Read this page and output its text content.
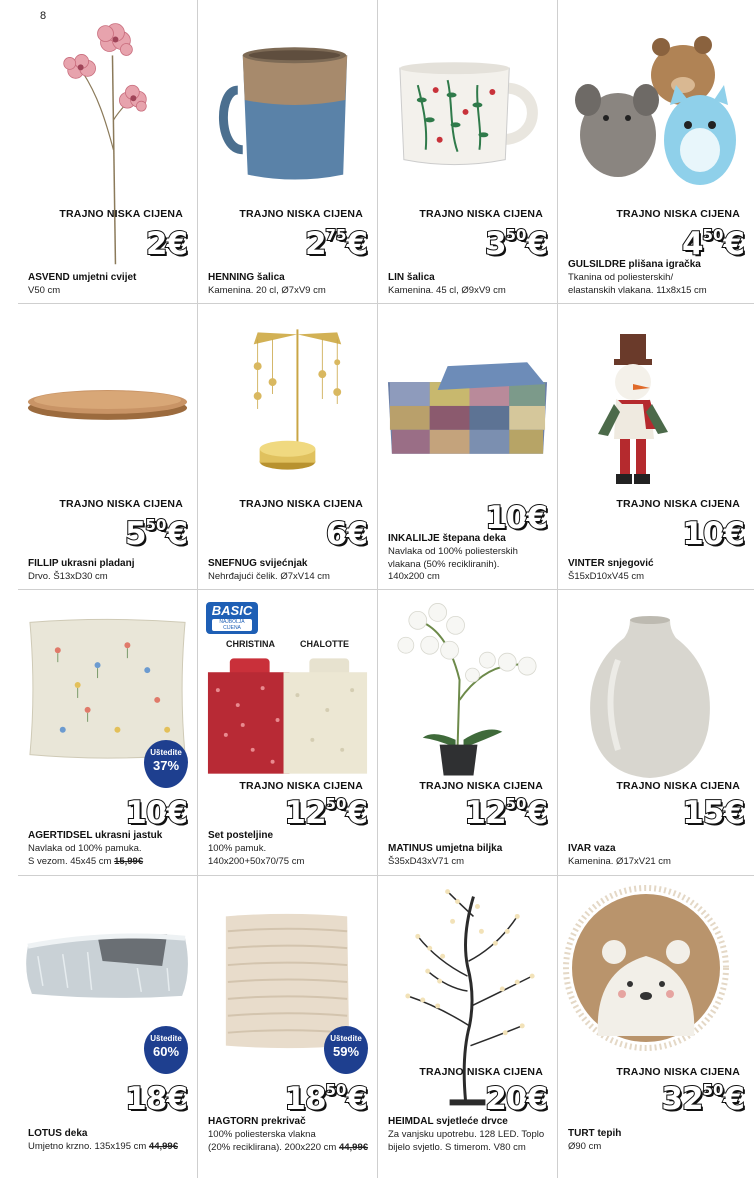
8
TRAJNO NISKA CIJENA
2€
ASVEND umjetni cvijet
V50 cm
TRAJNO NISKA CIJENA
$2^{75}€$
HENNING šalica
Kamenina. 20 cl, Ø7xV9 cm
TRAJNO NISKA CIJENA
$3^{50}€$
LIN šalica
Kamenina. 45 cl, Ø9xV9 cm
TRAJNO NISKA CIJENA
$4^{50}€$
GULSILDRE plišana igračka
Tkanina od poliesterskih/
elastanskih vlakana. 11x8x15 cm
TRAJNO NISKA CIJENA
$5^{50}€$
FILLIP ukrasni pladanj
Drvo. Š13xD30 cm
TRAJNO NISKA CIJENA
6€
SNEFNUG svijećnjak
Nehrđajući čelik. Ø7xV14 cm
10€
INKALILJE štepana deka
Navlaka od 100% poliesterskih
vlakana (50% recikliranih).
140x200 cm
TRAJNO NISKA CIJENA
10€
VINTER snjegović
Š15xD10xV45 cm
Uštedite
37%
10€
AGERTIDSEL ukrasni jastuk
Navlaka od 100% pamuka.
S vezom. 45x45 cm 15,99€
BASIC
NAJBOLJA CIJENA
CHRISTINA	CHALOTTE
TRAJNO NISKA CIJENA
$12^{50}€$
Set posteljine
100% pamuk.
140x200+50x70/75 cm
TRAJNO NISKA CIJENA
$12^{50}€$
MATINUS umjetna biljka
Š35xD43xV71 cm
TRAJNO NISKA CIJENA
15€
IVAR vaza
Kamenina. Ø17xV21 cm
Uštedite
60%
18€
LOTUS deka
Umjetno krzno. 135x195 cm 44,99€
Uštedite
59%
$18^{50}€$
HAGTORN prekrivač
100% poliesterska vlakna
(20% reciklirana). 200x220 cm 44,99€
TRAJNO NISKA CIJENA
20€
HEIMDAL svjetleće drvce
Za vanjsku upotrebu. 128 LED. Toplo
bijelo svjetlo. S timerom. V80 cm
TRAJNO NISKA CIJENA
$32^{50}€$
TURT tepih
Ø90 cm
